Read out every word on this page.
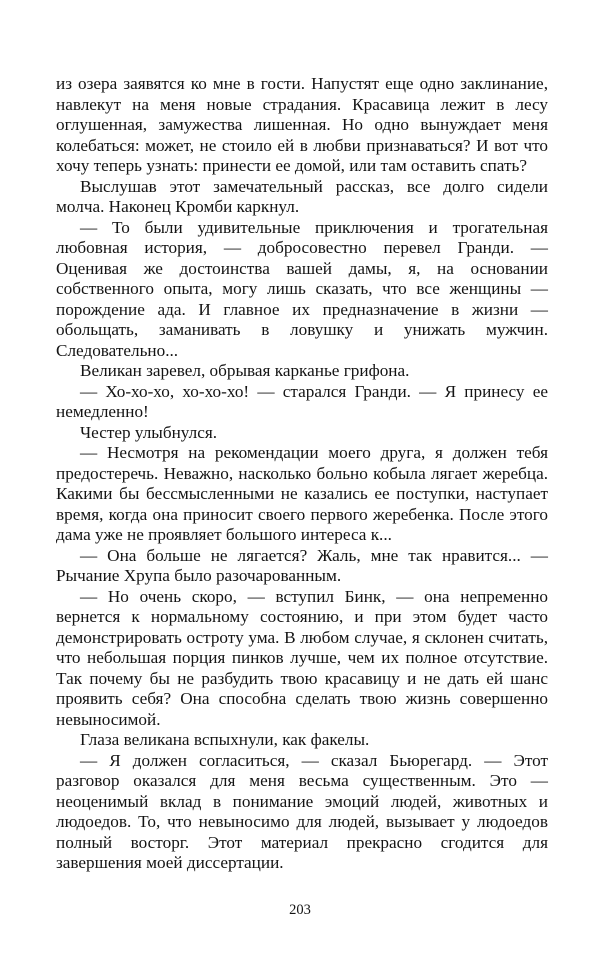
из озера заявятся ко мне в гости. Напустят еще одно заклинание, навлекут на меня новые страдания. Красавица лежит в лесу оглушенная, замужества лишенная. Но одно вынуждает меня колебаться: может, не стоило ей в любви признаваться? И вот что хочу теперь узнать: принести ее домой, или там оставить спать?

Выслушав этот замечательный рассказ, все долго сидели молча. Наконец Кромби каркнул.

— То были удивительные приключения и трогательная любовная история, — добросовестно перевел Гранди. — Оценивая же достоинства вашей дамы, я, на основании собственного опыта, могу лишь сказать, что все женщины — порождение ада. И главное их предназначение в жизни — обольщать, заманивать в ловушку и унижать мужчин. Следовательно...

Великан заревел, обрывая карканье грифона.

— Хо-хо-хо, хо-хо-хо! — старался Гранди. — Я принесу ее немедленно!

Честер улыбнулся.

— Несмотря на рекомендации моего друга, я должен тебя предостеречь. Неважно, насколько больно кобыла лягает жеребца. Какими бы бессмысленными не казались ее поступки, наступает время, когда она приносит своего первого жеребенка. После этого дама уже не проявляет большого интереса к...

— Она больше не лягается? Жаль, мне так нравится... — Рычание Хрупа было разочарованным.

— Но очень скоро, — вступил Бинк, — она непременно вернется к нормальному состоянию, и при этом будет часто демонстрировать остроту ума. В любом случае, я склонен считать, что небольшая порция пинков лучше, чем их полное отсутствие. Так почему бы не разбудить твою красавицу и не дать ей шанс проявить себя? Она способна сделать твою жизнь совершенно невыносимой.

Глаза великана вспыхнули, как факелы.

— Я должен согласиться, — сказал Бьюрегард. — Этот разговор оказался для меня весьма существенным. Это — неоценимый вклад в понимание эмоций людей, животных и людоедов. То, что невыносимо для людей, вызывает у людоедов полный восторг. Этот материал прекрасно сгодится для завершения моей диссертации.

203
